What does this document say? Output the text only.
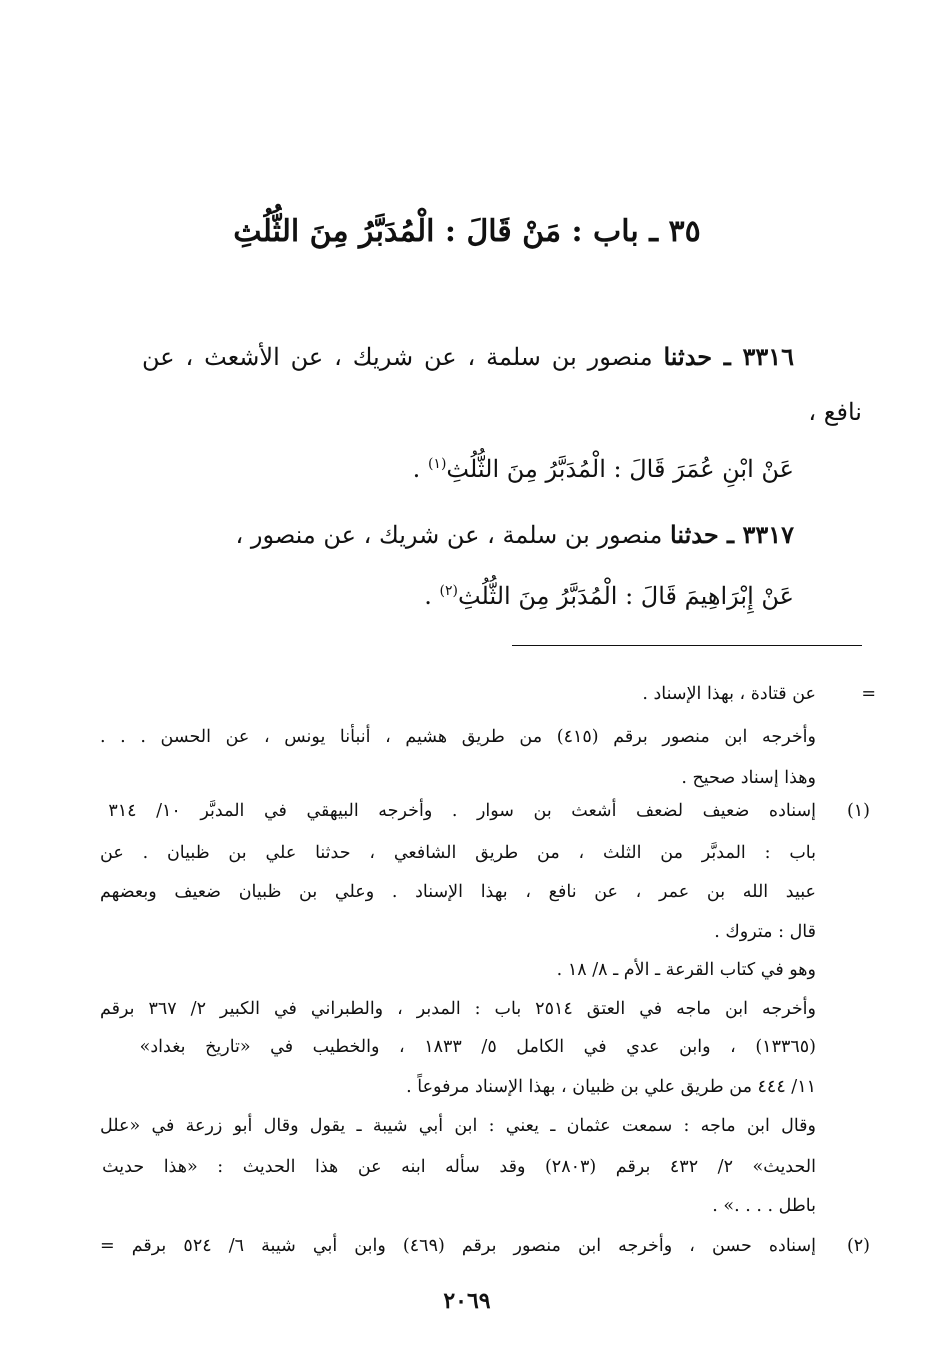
٣٥ ـ باب : مَنْ قَالَ : الْمُدَبَّرُ مِنَ الثُّلُثِ
٣٣١٦ ـ حدثنا منصور بن سلمة ، عن شريك ، عن الأشعث ، عن
نافع ،
عَنْ ابْنِ عُمَرَ قَالَ : الْمُدَبَّرُ مِنَ الثُّلُثِ$^{(١)}$ .
٣٣١٧ ـ حدثنا منصور بن سلمة ، عن شريك ، عن منصور ،
عَنْ إِبْرَاهِيمَ قَالَ : الْمُدَبَّرُ مِنَ الثُّلُثِ$^{(٢)}$ .
=
عن قتادة ، بهذا الإسناد .
وأخرجه ابن منصور برقم (٤١٥) من طريق هشيم ، أنبأنا يونس ، عن الحسن . . .
وهذا إسناد صحيح .
(١)
إسناده ضعيف لضعف أشعث بن سوار . وأخرجه البيهقي في المدبَّر ١٠/ ٣١٤
باب : المدبَّر من الثلث ، من طريق الشافعي ، حدثنا علي بن ظبيان . عن
عبيد الله بن عمر ، عن نافع ، بهذا الإسناد . وعلي بن ظبيان ضعيف وبعضهم
قال : متروك .
وهو في كتاب القرعة ـ الأم ـ ٨/ ١٨ .
وأخرجه ابن ماجه في العتق ٢٥١٤ باب : المدبر ، والطبراني في الكبير ٢/ ٣٦٧ برقم
(١٣٣٦٥) ، وابن عدي في الكامل ٥/ ١٨٣٣ ، والخطيب في «تاريخ بغداد»
١١/ ٤٤٤ من طريق علي بن ظبيان ، بهذا الإسناد مرفوعاً .
وقال ابن ماجه : سمعت عثمان ـ يعني : ابن أبي شيبة ـ يقول وقال أبو زرعة في «علل
الحديث» ٢/ ٤٣٢ برقم (٢٨٠٣) وقد سأله ابنه عن هذا الحديث : «هذا حديث
باطل . . . .» .
(٢)
إسناده حسن ، وأخرجه ابن منصور برقم (٤٦٩) وابن أبي شيبة ٦/ ٥٢٤ برقم =
٢٠٦٩
